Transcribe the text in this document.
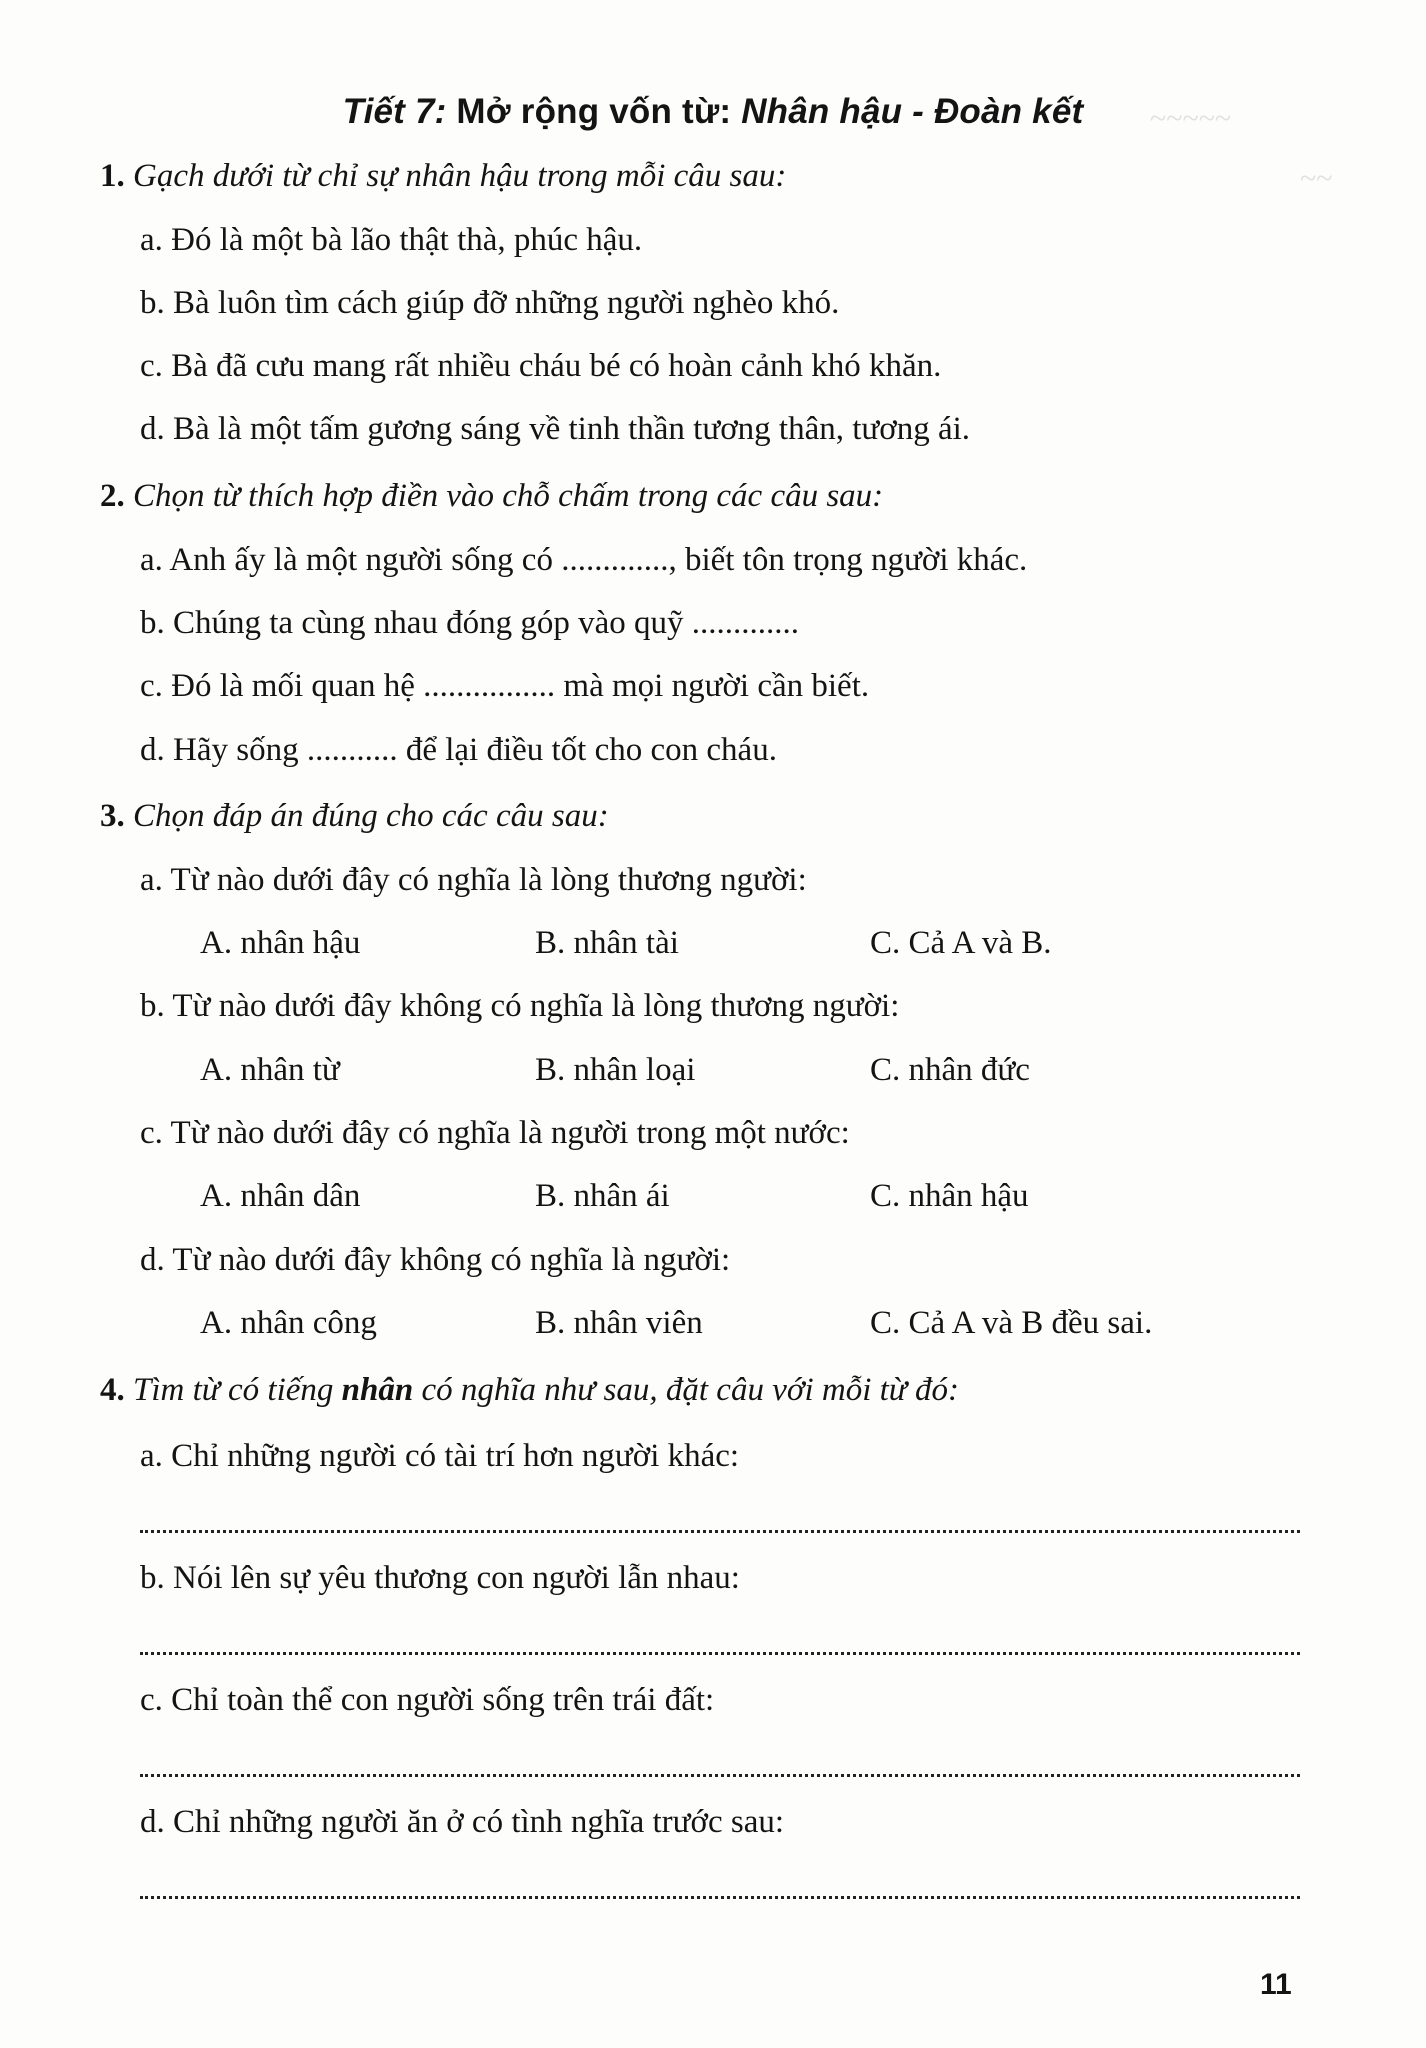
~~~~~
~~
Tiết 7: Mở rộng vốn từ: Nhân hậu - Đoàn kết
1. Gạch dưới từ chỉ sự nhân hậu trong mỗi câu sau:
a. Đó là một bà lão thật thà, phúc hậu.
b. Bà luôn tìm cách giúp đỡ những người nghèo khó.
c. Bà đã cưu mang rất nhiều cháu bé có hoàn cảnh khó khăn.
d. Bà là một tấm gương sáng về tinh thần tương thân, tương ái.
2. Chọn từ thích hợp điền vào chỗ chấm trong các câu sau:
a. Anh ấy là một người sống có ............., biết tôn trọng người khác.
b. Chúng ta cùng nhau đóng góp vào quỹ .............
c. Đó là mối quan hệ ................ mà mọi người cần biết.
d. Hãy sống ........... để lại điều tốt cho con cháu.
3. Chọn đáp án đúng cho các câu sau:
a. Từ nào dưới đây có nghĩa là lòng thương người:
A. nhân hậu	B. nhân tài	C. Cả A và B.
b. Từ nào dưới đây không có nghĩa là lòng thương người:
A. nhân từ	B. nhân loại	C. nhân đức
c. Từ nào dưới đây có nghĩa là người trong một nước:
A. nhân dân	B. nhân ái	C. nhân hậu
d. Từ nào dưới đây không có nghĩa là người:
A. nhân công	B. nhân viên	C. Cả A và B đều sai.
4. Tìm từ có tiếng nhân có nghĩa như sau, đặt câu với mỗi từ đó:
a. Chỉ những người có tài trí hơn người khác:
b. Nói lên sự yêu thương con người lẫn nhau:
c. Chỉ toàn thể con người sống trên trái đất:
d. Chỉ những người ăn ở có tình nghĩa trước sau:
11
